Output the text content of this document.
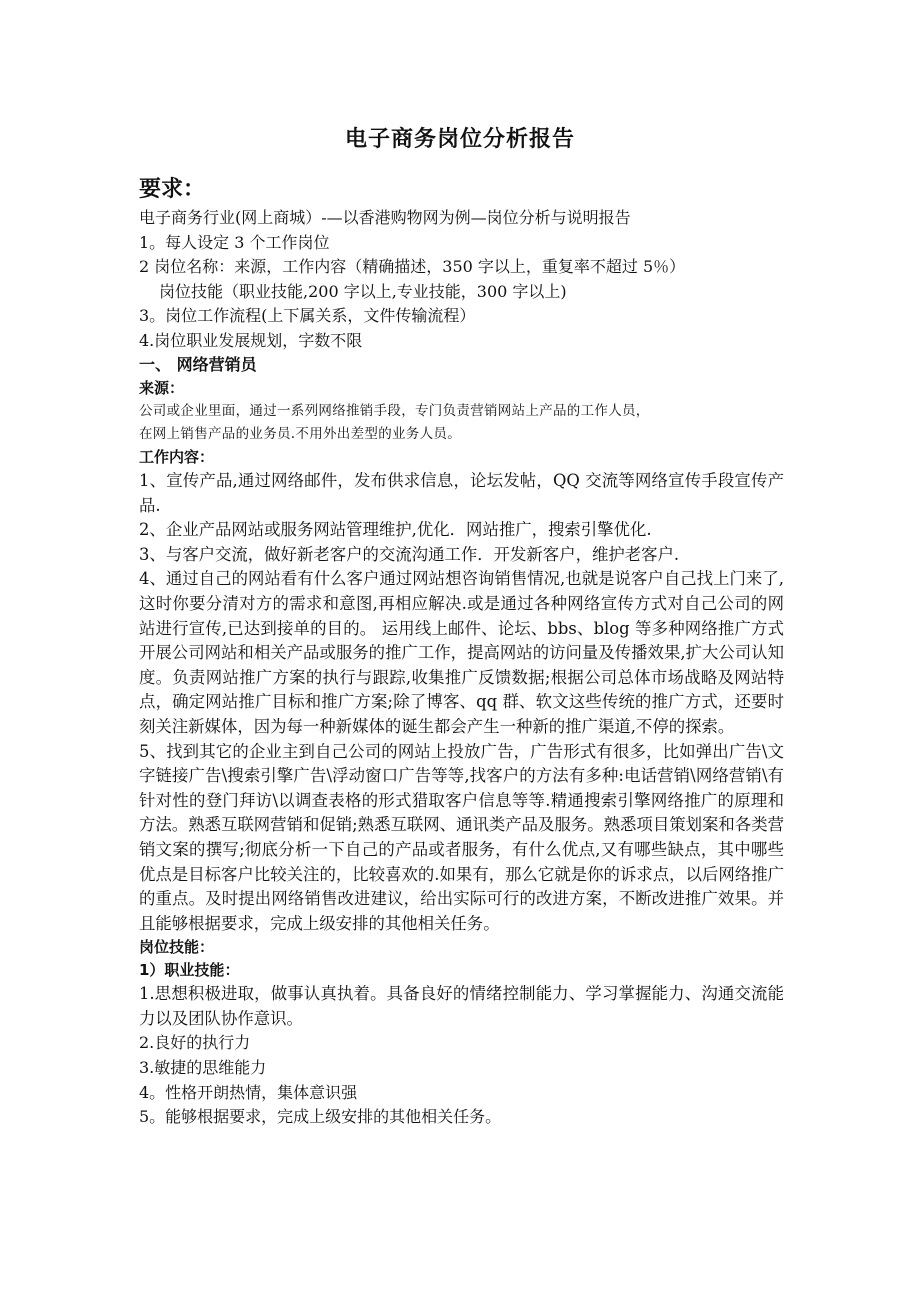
电子商务岗位分析报告
要求：
电子商务行业(网上商城）-—以香港购物网为例—岗位分析与说明报告
1。每人设定 3 个工作岗位
2 岗位名称：来源，工作内容（精确描述，350 字以上，重复率不超过 5％）
岗位技能（职业技能,200 字以上,专业技能，300 字以上)
3。岗位工作流程(上下属关系，文件传输流程）
4.岗位职业发展规划，字数不限
一、 网络营销员
来源：
公司或企业里面，通过一系列网络推销手段，专门负责营销网站上产品的工作人员，
在网上销售产品的业务员.不用外出差型的业务人员。
工作内容：
1、宣传产品,通过网络邮件，发布供求信息，论坛发帖，QQ 交流等网络宣传手段宣传产品.
2、企业产品网站或服务网站管理维护,优化．网站推广，搜索引擎优化.
3、与客户交流，做好新老客户的交流沟通工作．开发新客户，维护老客户.
4、通过自己的网站看有什么客户通过网站想咨询销售情况,也就是说客户自己找上门来了,这时你要分清对方的需求和意图,再相应解决.或是通过各种网络宣传方式对自己公司的网站进行宣传,已达到接单的目的。 运用线上邮件、论坛、bbs、blog 等多种网络推广方式开展公司网站和相关产品或服务的推广工作，提高网站的访问量及传播效果,扩大公司认知度。负责网站推广方案的执行与跟踪,收集推广反馈数据;根据公司总体市场战略及网站特点，确定网站推广目标和推广方案;除了博客、qq 群、软文这些传统的推广方式，还要时刻关注新媒体，因为每一种新媒体的诞生都会产生一种新的推广渠道,不停的探索。
5、找到其它的企业主到自己公司的网站上投放广告，广告形式有很多，比如弹出广告\文字链接广告\搜索引擎广告\浮动窗口广告等等,找客户的方法有多种:电话营销\网络营销\有针对性的登门拜访\以调查表格的形式猎取客户信息等等.精通搜索引擎网络推广的原理和方法。熟悉互联网营销和促销;熟悉互联网、通讯类产品及服务。熟悉项目策划案和各类营销文案的撰写;彻底分析一下自己的产品或者服务，有什么优点,又有哪些缺点，其中哪些优点是目标客户比较关注的，比较喜欢的.如果有，那么它就是你的诉求点，以后网络推广的重点。及时提出网络销售改进建议，给出实际可行的改进方案，不断改进推广效果。并且能够根据要求，完成上级安排的其他相关任务。
岗位技能：
1）职业技能：
1.思想积极进取，做事认真执着。具备良好的情绪控制能力、学习掌握能力、沟通交流能力以及团队协作意识。
2.良好的执行力
3.敏捷的思维能力
4。性格开朗热情，集体意识强
5。能够根据要求，完成上级安排的其他相关任务。
